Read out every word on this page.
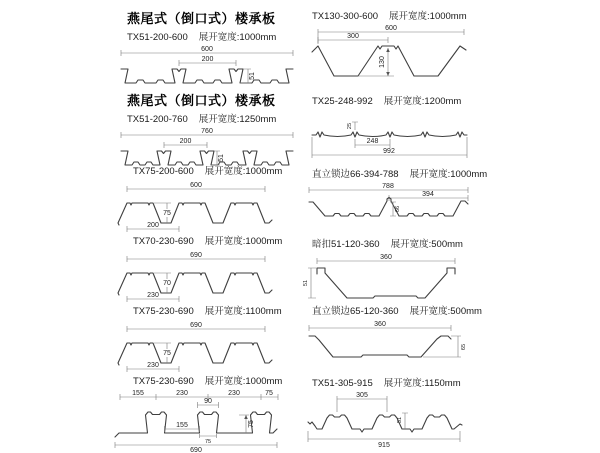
燕尾式（倒口式）楼承板
TX51-200-600 展开宽度:1000mm
600
200
51
燕尾式（倒口式）楼承板
TX51-200-760 展开宽度:1250mm
760
200
51
TX75-200-600 展开宽度:1000mm
600
75
200
TX70-230-690 展开宽度:1000mm
690
70
230
TX75-230-690 展开宽度:1100mm
690
75
230
TX75-230-690 展开宽度:1000mm
155	230	230	75
90
75
155
75
690
TX130-300-600 展开宽度:1000mm
600
300
130
TX25-248-992 展开宽度:1200mm
25
248
992
直立锁边66-394-788 展开宽度:1000mm
788
394
66
暗扣51-120-360 展开宽度:500mm
360
51
直立锁边65-120-360 展开宽度:500mm
360
65
TX51-305-915 展开宽度:1150mm
305
51
915
